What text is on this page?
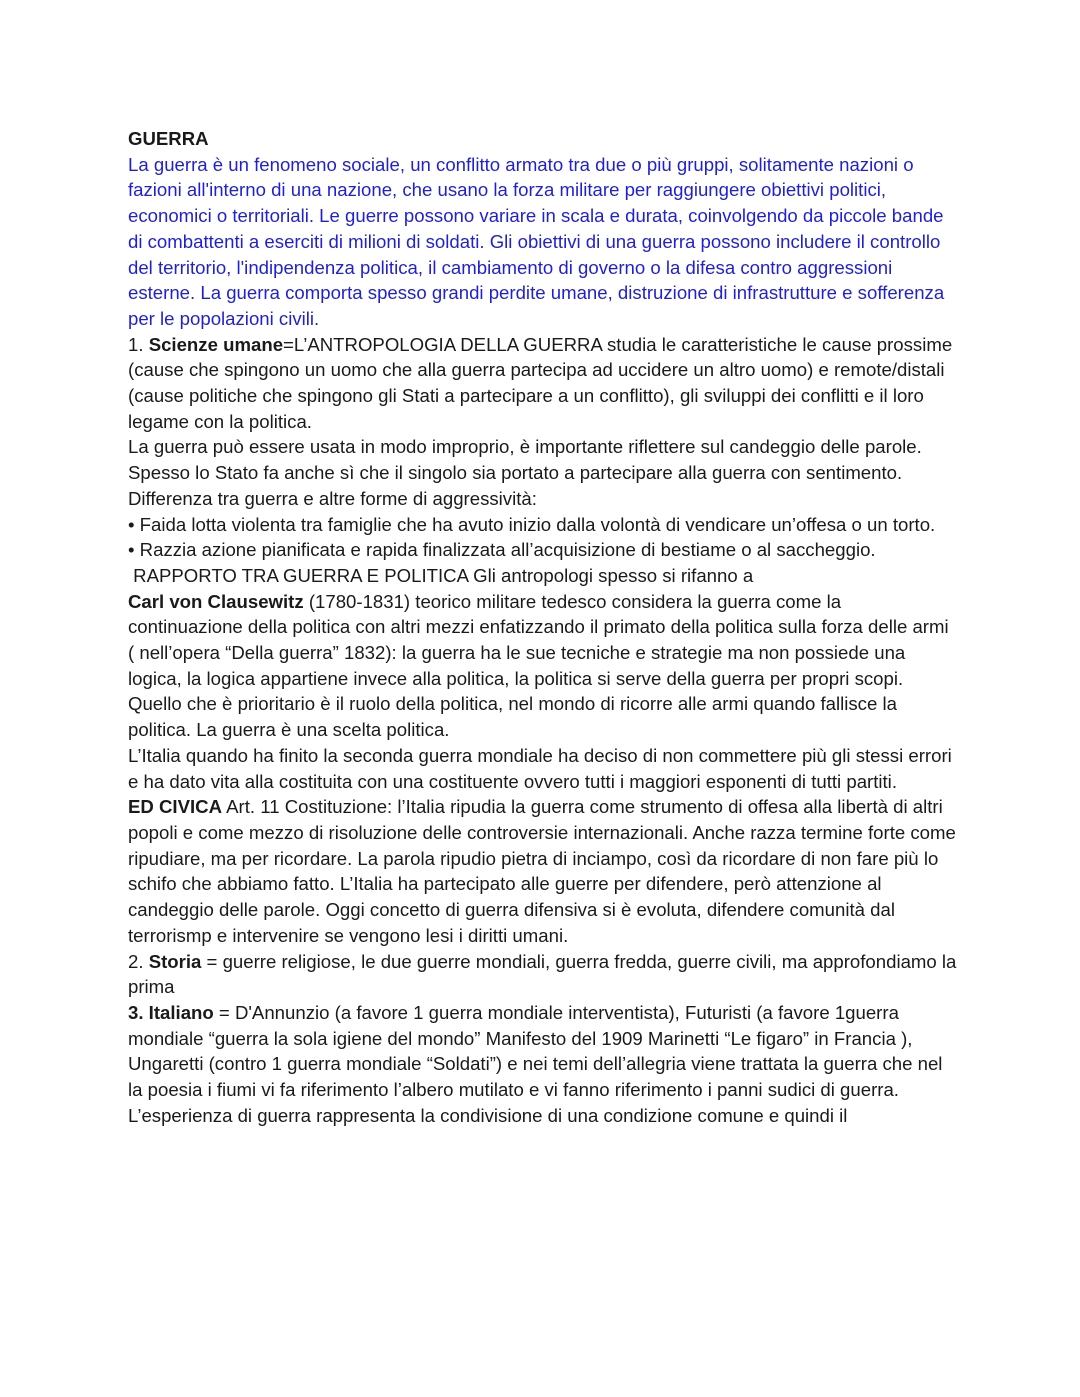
GUERRA

La guerra è un fenomeno sociale, un conflitto armato tra due o più gruppi, solitamente nazioni o fazioni all'interno di una nazione, che usano la forza militare per raggiungere obiettivi politici, economici o territoriali. Le guerre possono variare in scala e durata, coinvolgendo da piccole bande di combattenti a eserciti di milioni di soldati. Gli obiettivi di una guerra possono includere il controllo del territorio, l'indipendenza politica, il cambiamento di governo o la difesa contro aggressioni esterne. La guerra comporta spesso grandi perdite umane, distruzione di infrastrutture e sofferenza per le popolazioni civili.

1. Scienze umane=L’ANTROPOLOGIA DELLA GUERRA studia le caratteristiche le cause prossime (cause che spingono un uomo che alla guerra partecipa ad uccidere un altro uomo) e remote/distali (cause politiche che spingono gli Stati a partecipare a un conflitto), gli sviluppi dei conflitti e il loro legame con la politica.

La guerra può essere usata in modo improprio, è importante riflettere sul candeggio delle parole. Spesso lo Stato fa anche sì che il singolo sia portato a partecipare alla guerra con sentimento.

Differenza tra guerra e altre forme di aggressività:

• Faida lotta violenta tra famiglie che ha avuto inizio dalla volontà di vendicare un’offesa o un torto.

• Razzia azione pianificata e rapida finalizzata all’acquisizione di bestiame o al saccheggio.

RAPPORTO TRA GUERRA E POLITICA Gli antropologi spesso si rifanno a

Carl von Clausewitz (1780-1831) teorico militare tedesco considera la guerra come la continuazione della politica con altri mezzi enfatizzando il primato della politica sulla forza delle armi ( nell’opera “Della guerra” 1832): la guerra ha le sue tecniche e strategie ma non possiede una logica, la logica appartiene invece alla politica, la politica si serve della guerra per propri scopi.

Quello che è prioritario è il ruolo della politica, nel mondo di ricorre alle armi quando fallisce la politica. La guerra è una scelta politica.

L’Italia quando ha finito la seconda guerra mondiale ha deciso di non commettere più gli stessi errori e ha dato vita alla costituita con una costituente ovvero tutti i maggiori esponenti di tutti partiti.

ED CIVICA Art. 11 Costituzione: l’Italia ripudia la guerra come strumento di offesa alla libertà di altri popoli e come mezzo di risoluzione delle controversie internazionali. Anche razza termine forte come ripudiare, ma per ricordare. La parola ripudio pietra di inciampo, così da ricordare di non fare più lo schifo che abbiamo fatto. L’Italia ha partecipato alle guerre per difendere, però attenzione al candeggio delle parole. Oggi concetto di guerra difensiva si è evoluta, difendere comunità dal terrorismp e intervenire se vengono lesi i diritti umani.

2. Storia = guerre religiose, le due guerre mondiali, guerra fredda, guerre civili, ma approfondiamo la prima

3. Italiano = D'Annunzio (a favore 1 guerra mondiale interventista), Futuristi (a favore 1guerra mondiale “guerra la sola igiene del mondo” Manifesto del 1909 Marinetti “Le figaro” in Francia ), Ungaretti (contro 1 guerra mondiale “Soldati”) e nei temi dell’allegria viene trattata la guerra che nel la poesia i fiumi vi fa riferimento l’albero mutilato e vi fanno riferimento i panni sudici di guerra. L’esperienza di guerra rappresenta la condivisione di una condizione comune e quindi il
